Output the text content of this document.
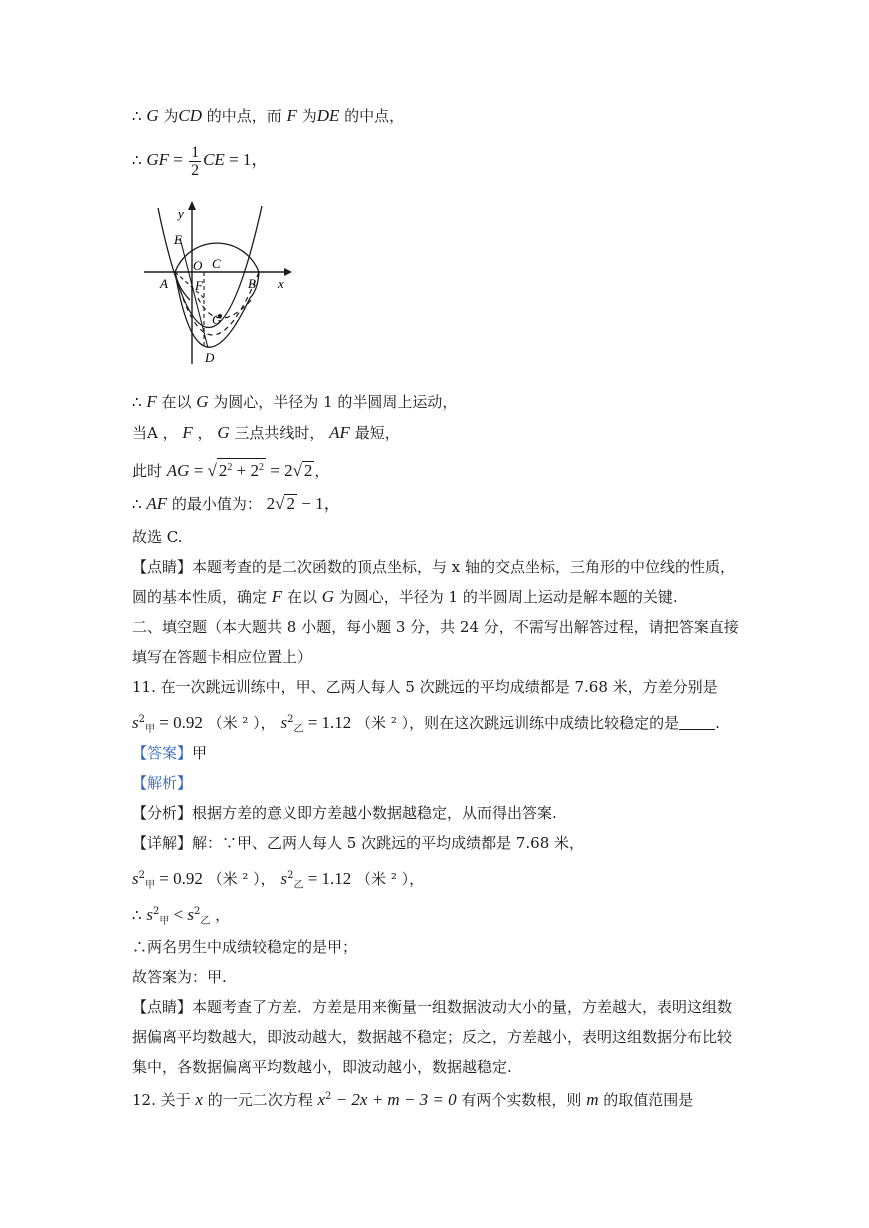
∴ G 为CD 的中点，而 F 为DE 的中点，
∴ GF = $\frac{1}{2}$ CE = 1，
y
x
E
O C
A F	B
G
D
∴ F 在以 G 为圆心，半径为 1 的半圆周上运动，
当A ， F ， G 三点共线时， AF 最短，
此时 AG = √ $2^2 + 2^2 = 2√$ 2 ，
∴ AF 的最小值为： 2√ 2 − 1，
故选 C.
【点睛】本题考查的是二次函数的顶点坐标，与 x 轴的交点坐标，三角形的中位线的性质，
圆的基本性质，确定 F 在以 G 为圆心，半径为 1 的半圆周上运动是解本题的关键.
二、填空题（本大题共 8 小题，每小题 3 分，共 24 分，不需写出解答过程，请把答案直接
填写在答题卡相应位置上）
11. 在一次跳远训练中，甲、乙两人每人 5 次跳远的平均成绩都是 7.68 米，方差分别是
$s^2_甲 = 0.92$ （米 ² ）， $s^2_乙 = 1.12$ （米 ² ），则在这次跳远训练中成绩比较稳定的是 .
【答案】甲
【解析】
【分析】根据方差的意义即方差越小数据越稳定，从而得出答案.
【详解】解：∵甲、乙两人每人 5 次跳远的平均成绩都是 7.68 米，
$s^2_甲 = 0.92$ （米 ² ）， $s^2_乙 = 1.12$ （米 ² ），
∴ $s^2_甲 < s^2_乙$ ，
∴两名男生中成绩较稳定的是甲；
故答案为：甲.
【点睛】本题考查了方差．方差是用来衡量一组数据波动大小的量，方差越大，表明这组数
据偏离平均数越大，即波动越大，数据越不稳定；反之，方差越小，表明这组数据分布比较
集中，各数据偏离平均数越小，即波动越小，数据越稳定.
12. 关于 x 的一元二次方程 $x^2 - 2x + m - 3 = 0$ 有两个实数根，则 m 的取值范围是
